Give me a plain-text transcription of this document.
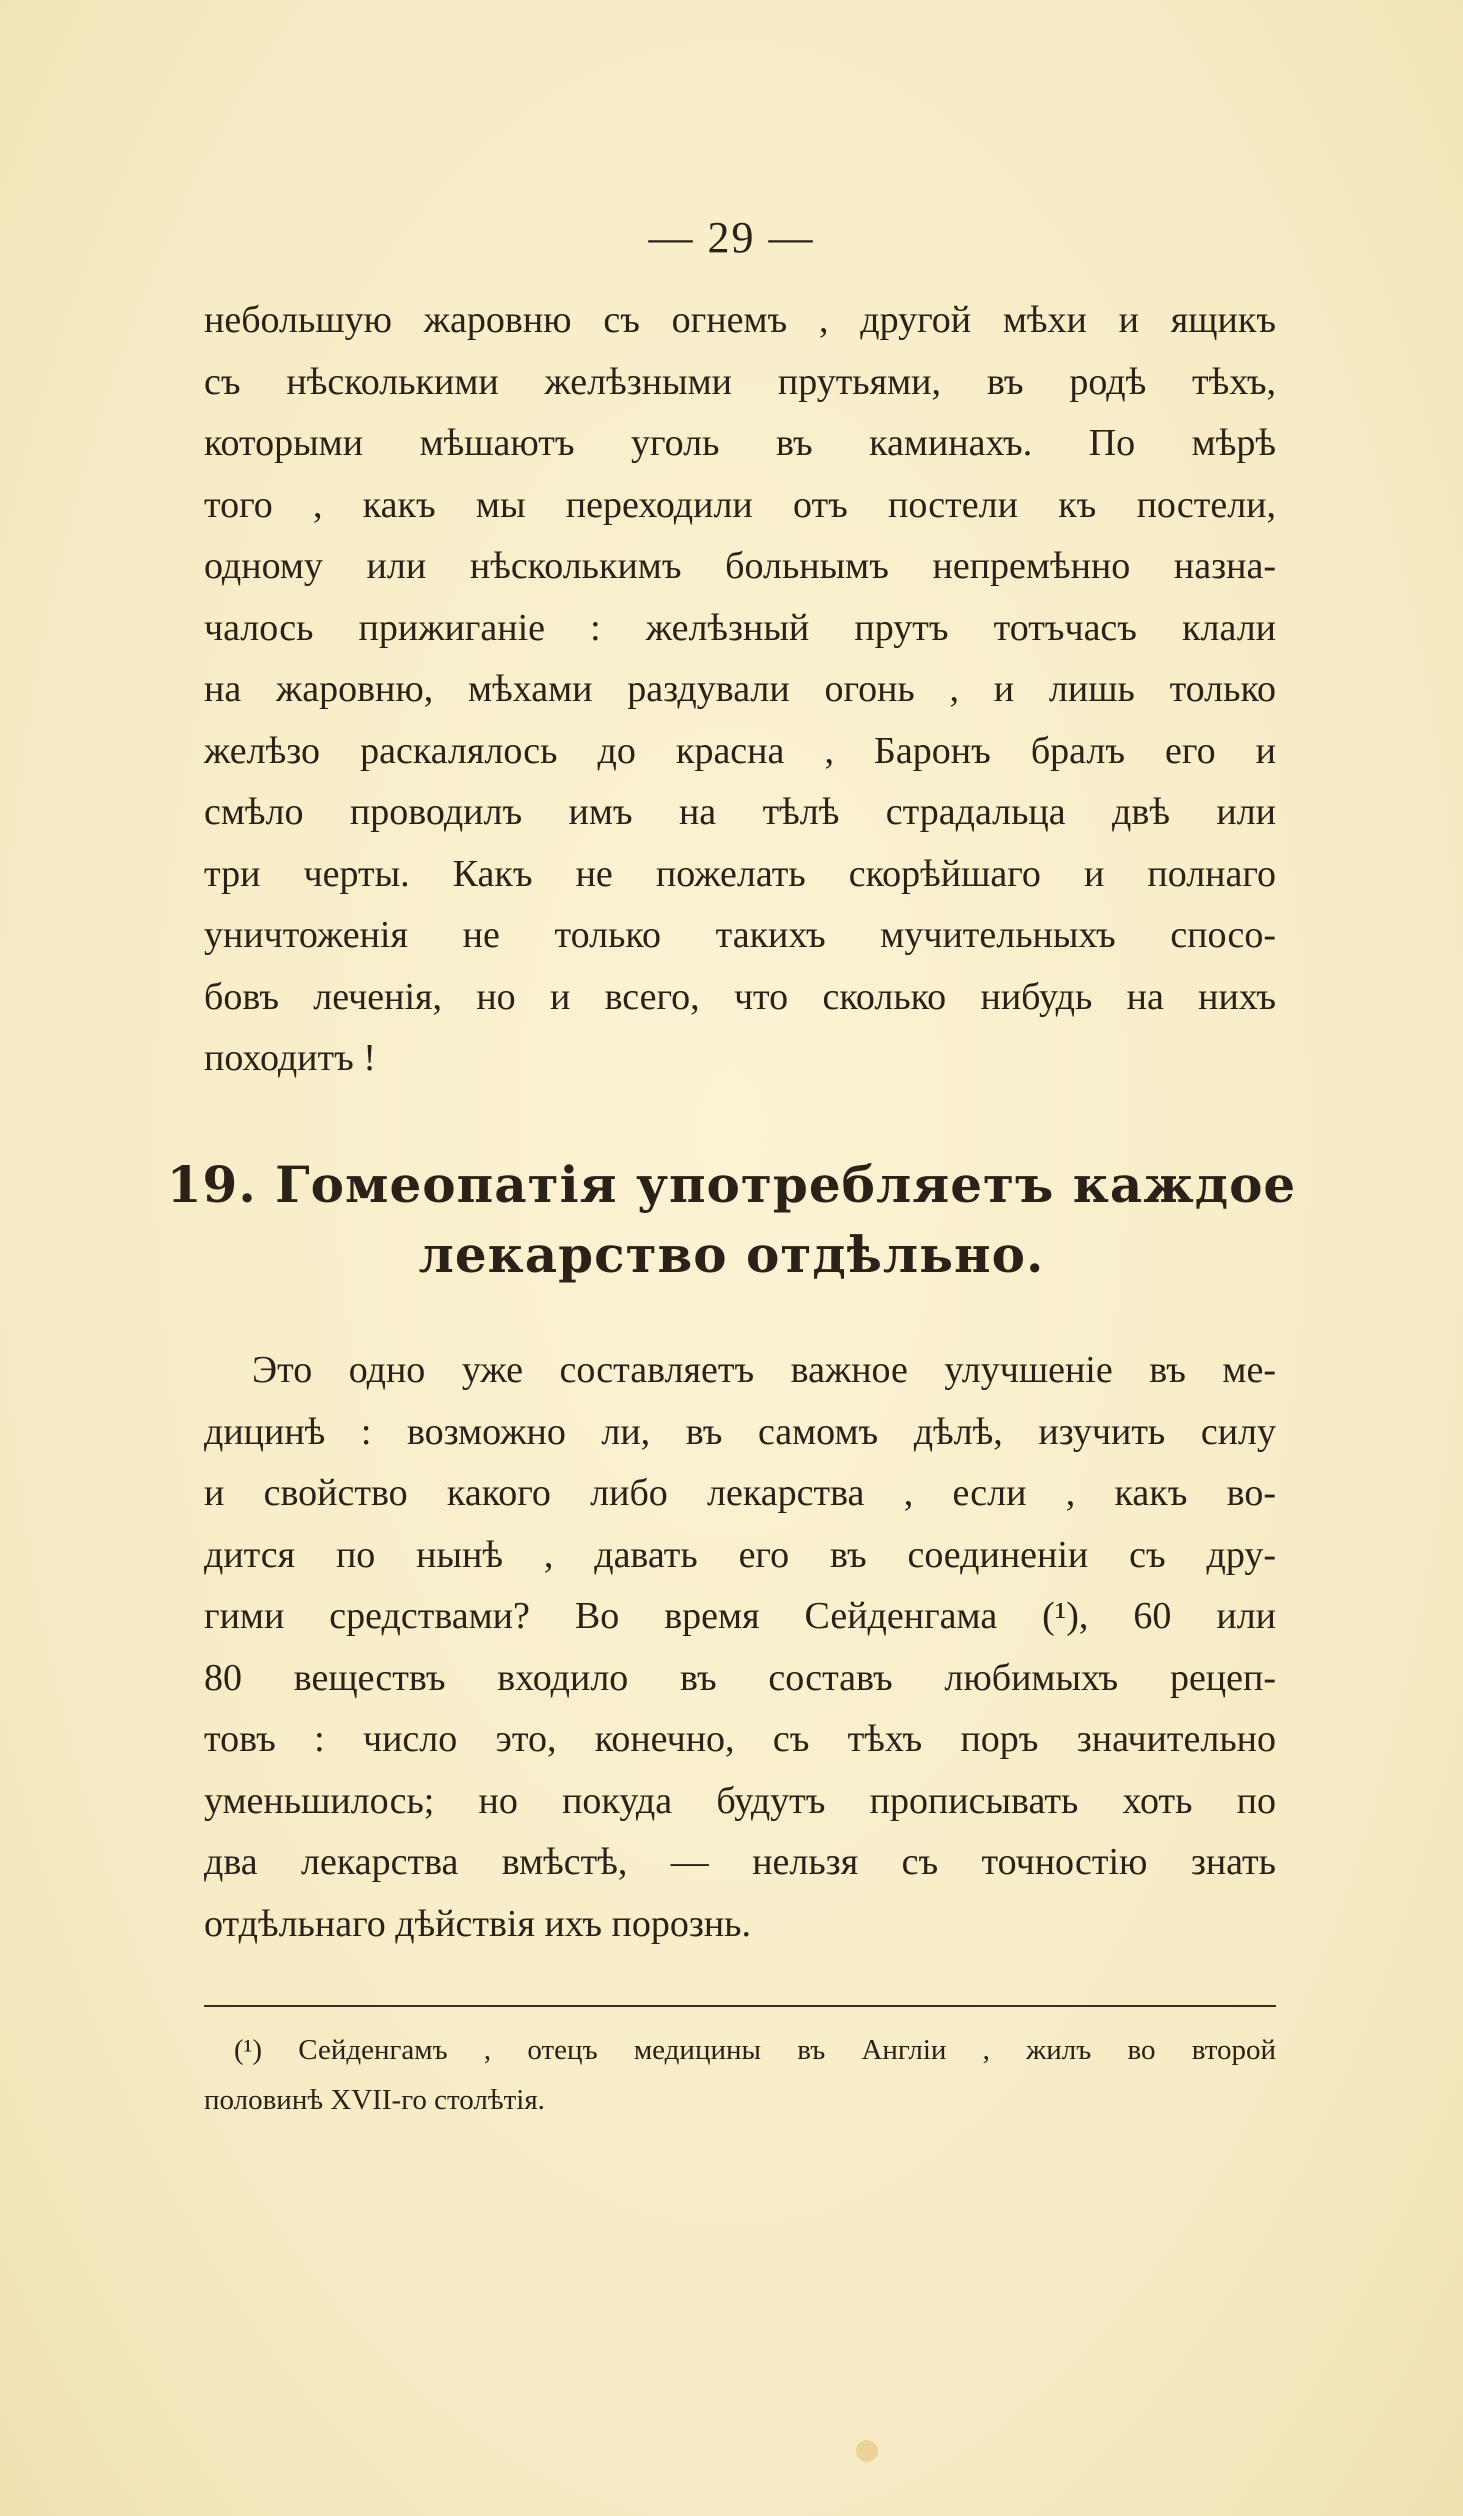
— 29 —
небольшую жаровню съ огнемъ , другой мѣхи и ящикъ
съ нѣсколькими желѣзными прутьями, въ родѣ тѣхъ,
которыми мѣшаютъ уголь въ каминахъ. По мѣрѣ
того , какъ мы переходили отъ постели къ постели,
одному или нѣсколькимъ больнымъ непремѣнно назна-
чалось прижиганіе : желѣзный прутъ тотъчасъ клали
на жаровню, мѣхами раздували огонь , и лишь только
желѣзо раскалялось до красна , Баронъ бралъ его и
смѣло проводилъ имъ на тѣлѣ страдальца двѣ или
три черты. Какъ не пожелать скорѣйшаго и полнаго
уничтоженія не только такихъ мучительныхъ спосо-
бовъ леченія, но и всего, что сколько нибудь на нихъ
походитъ !
19. Гомеопатія употребляетъ каждое
лекарство отдѣльно.
Это одно уже составляетъ важное улучшеніе въ ме-
дицинѣ : возможно ли, въ самомъ дѣлѣ, изучить силу
и свойство какого либо лекарства , если , какъ во-
дится по нынѣ , давать его въ соединеніи съ дру-
гими средствами? Во время Сейденгама (¹), 60 или
80 веществъ входило въ составъ любимыхъ рецеп-
товъ : число это, конечно, съ тѣхъ поръ значительно
уменьшилось; но покуда будутъ прописывать хоть по
два лекарства вмѣстѣ, — нельзя съ точностію знать
отдѣльнаго дѣйствія ихъ порознь.
(¹) Сейденгамъ , отецъ медицины въ Англіи , жилъ во второй
половинѣ XVII-го столѣтія.
